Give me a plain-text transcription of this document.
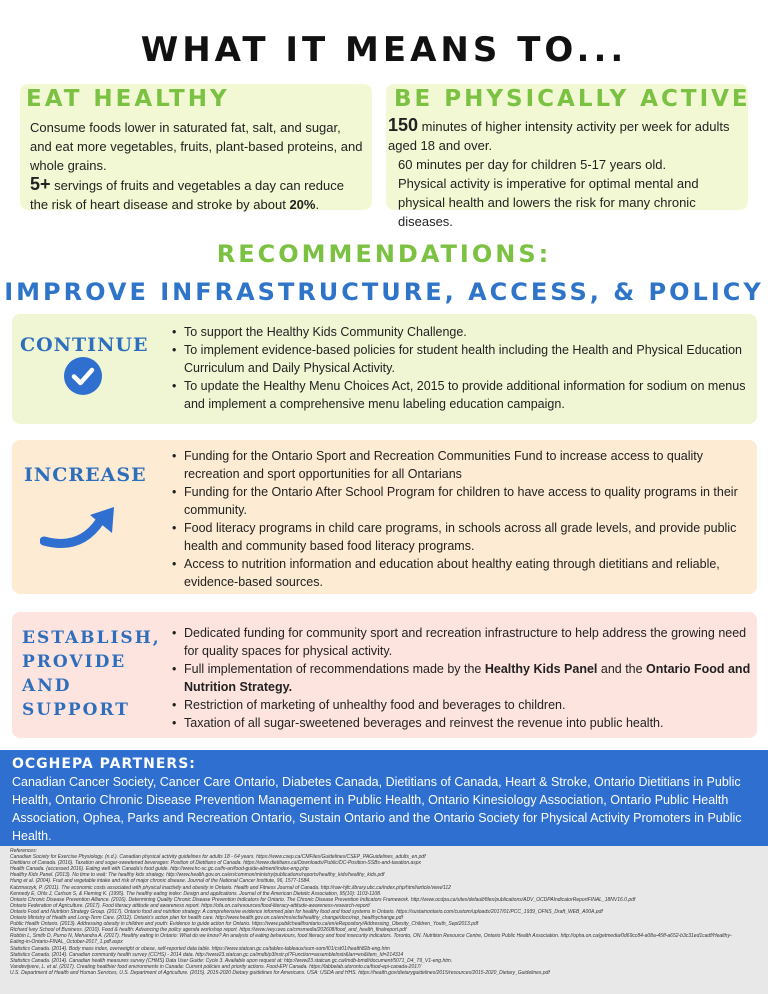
WHAT IT MEANS TO...
EAT HEALTHY
Consume foods lower in saturated fat, salt, and sugar, and eat more vegetables, fruits, plant-based proteins, and whole grains.
5+ servings of fruits and vegetables a day can reduce the risk of heart disease and stroke by about 20%.
BE PHYSICALLY ACTIVE
150 minutes of higher intensity activity per week for adults aged 18 and over.
60 minutes per day for children 5-17 years old.
Physical activity is imperative for optimal mental and physical health and lowers the risk for many chronic diseases.
RECOMMENDATIONS:
IMPROVE INFRASTRUCTURE, ACCESS, & POLICY
CONTINUE
• To support the Healthy Kids Community Challenge.
• To implement evidence-based policies for student health including the Health and Physical Education Curriculum and Daily Physical Activity.
• To update the Healthy Menu Choices Act, 2015 to provide additional information for sodium on menus and implement a comprehensive menu labeling education campaign.
INCREASE
• Funding for the Ontario Sport and Recreation Communities Fund to increase access to quality recreation and sport opportunities for all Ontarians
• Funding for the Ontario After School Program for children to have access to quality programs in their community.
• Food literacy programs in child care programs, in schools across all grade levels, and provide public health and community based food literacy programs.
• Access to nutrition information and education about healthy eating through dietitians and reliable, evidence-based sources.
ESTABLISH,
PROVIDE
AND
SUPPORT
• Dedicated funding for community sport and recreation infrastructure to help address the growing need for quality spaces for physical activity.
• Full implementation of recommendations made by the Healthy Kids Panel and the Ontario Food and Nutrition Strategy.
• Restriction of marketing of unhealthy food and beverages to children.
• Taxation of all sugar-sweetened beverages and reinvest the revenue into public health.
OCGHEPA PARTNERS:
Canadian Cancer Society, Cancer Care Ontario, Diabetes Canada, Dietitians of Canada, Heart & Stroke, Ontario Dietitians in Public Health, Ontario Chronic Disease Prevention Management in Public Health, Ontario Kinesiology Association, Ontario Public Health Association, Ophea, Parks and Recreation Ontario, Sustain Ontario and the Ontario Society for Physical Activity Promoters in Public Health.
References:
Canadian Society for Exercise Physiology. (n.d.). Canadian physical activity guidelines for adults 18 - 64 years. https://www.csep.ca/CMFiles/Guidelines/CSEP_PAGuidelines_adults_en.pdf
Dietitians of Canada. (2016). Taxation and sugar-sweetened beverages: Position of Dietitians of Canada. https://www.dietitians.ca/Downloads/Public/DC-Position-SSBs-and-taxation.aspx
Health Canada. (accessed 2016). Eating well with Canada's food guide. http://www.hc-sc.gc.ca/fn-an/food-guide-aliment/index-eng.php
Healthy Kids Panel. (2013). No time to wait: The healthy kids strategy. http://www.health.gov.on.ca/en/common/ministry/publications/reports/healthy_kids/healthy_kids.pdf
Hung et al. (2004). Fruit and vegetable intake and risk of major chronic disease. Journal of the National Cancer Institute, 96, 1577-1584.
Katzmarzyk, P. (2011). The economic costs associated with physical inactivity and obesity in Ontario. Health and Fitness Journal of Canada. http://raw-hjfc.library.ubc.ca/index.php/html/article/view/112
Kennedy E, Ohls J, Carlson S, & Fleming K. (1995). The healthy eating index: Design and applications. Journal of the American Dietetic Association, 95(10): 1103-1108.
Ontario Chronic Disease Prevention Alliance. (2016). Determining Quality Chronic Disease Prevention Indicators for Ontario. The Chronic Disease Prevention Indicators Framework. http://www.ocdpa.ca/sites/default/files/publications/ADV_OCDPAIndicatorReportFINAL_18NV16.0.pdf
Ontario Federation of Agriculture. (2017). Food literacy attitude and awareness report. https://ofa.on.ca/resources/food-literacy-attitude-awareness-research-report/
Ontario Food and Nutrition Strategy Group. (2017). Ontario food and nutrition strategy: A comprehensive evidence informed plan for healthy food and food systems in Ontario. https://sustainontario.com/custom/uploads/2017/01/PCC_1939_OFNS_Draft_WEB_A00A.pdf
Ontario Ministry of Health and Long-Term Care. (2012). Ontario's action plan for health care. http://www.health.gov.on.ca/en/ms/ecfa/healthy_change/docs/rep_healthychange.pdf
Public Health Ontario. (2013). Addressing obesity in children and youth: Evidence to guide action for Ontario. https://www.publichealthontario.ca/en/eRepository/Addressing_Obesity_Children_Youth_Sept2013.pdf
Richard Ivey School of Business. (2010). Food & health: Advancing the policy agenda workshop report. https://www.ivey.uwo.ca/cmsmedia/202608/food_and_health_finalreport.pdf
Robbin L, Smith D, Purno N, Mehandra A. (2017). Healthy eating in Ontario: What do we know? An analysis of eating behaviours, food literacy and food insecurity indicators. Toronto, ON. Nutrition Resource Centre, Ontario Public Health Association. http://opha.on.ca/getmedia/0d69cc84-a08a-45ff-a652-b3c31ed1cadf/Healthy-
Eating-in-Ontario-FINAL_October-2017_1.pdf.aspx
Statistics Canada. (2014). Body mass index, overweight or obese, self-reported data table. https://www.statcan.gc.ca/tables-tableaux/sum-som/l01/cst01/health82b-eng.htm
Statistics Canada. (2014). Canadian community health survey (CCHS) - 2014 data. http://www23.statcan.gc.ca/imdb/p3Instr.pl?Function=assembleInstr&lan=en&Item_Id=214314
Statistics Canada. (2014). Canadian health measures survey (CHMS) Data User Guide: Cycle 3. Available upon request at: http://www23.statcan.gc.ca/imdb-bmdi/document/5071_D4_T9_V1-eng.htm.
Vandevijvere, L. et al. (2017). Creating healthier food environments in Canada: Current policies and priority actions. Food-EPI Canada. https://labbelab.utoronto.ca/food-epi-canada-2017/
U.S. Department of Health and Human Services, U.S. Department of Agriculture. (2015). 2015-2020 Dietary guidelines for Americans. USA: USDA and HHS. https://health.gov/dietaryguidelines/2015/resources/2015-2020_Dietary_Guidelines.pdf
